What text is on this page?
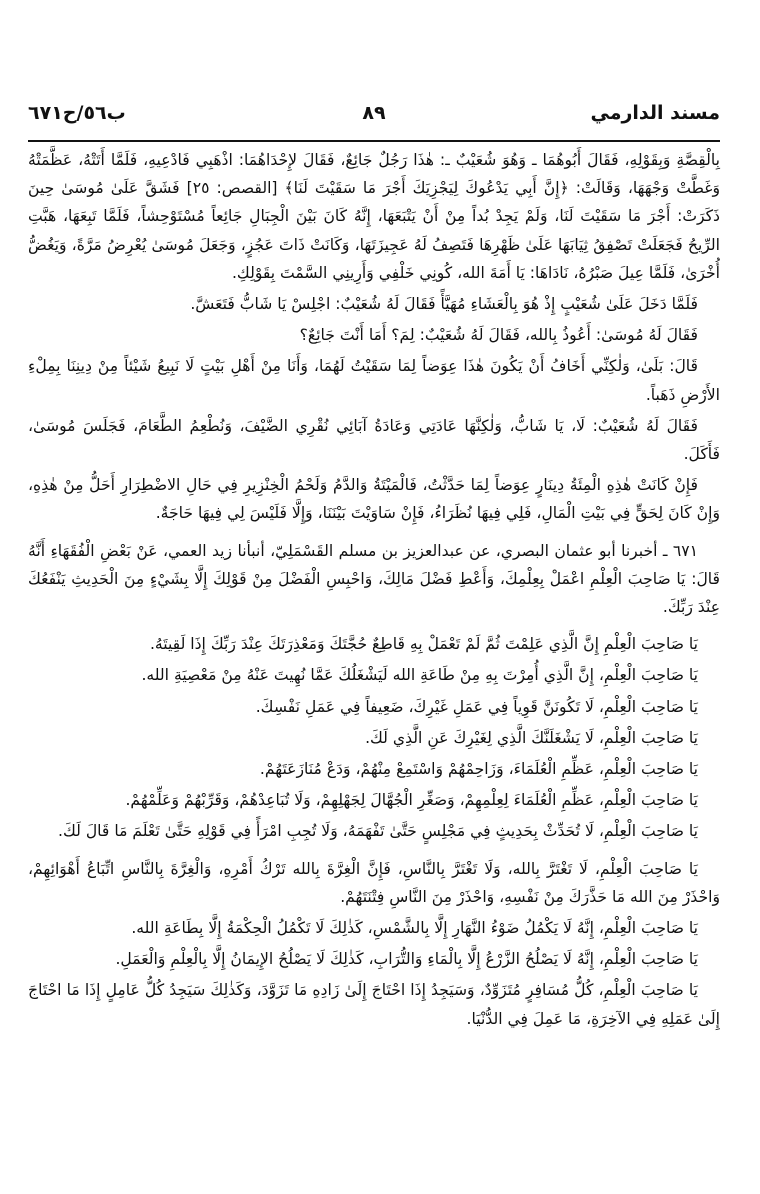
مسند الدارمي
٨٩
ب٥٦/ح٦٧١

بِالْقِصَّةِ وَبِقَوْلِهِ، فَقَالَ أَبُوهُمَا ـ وَهُوَ شُعَيْبٌ ـ: هٰذَا رَجُلٌ جَائِعٌ، فَقَالَ لإِحْدَاهُمَا: اذْهَبِي فَادْعِيهِ، فَلَمَّا أَتَتْهُ، عَظَّمَتْهُ وَغَطَّتْ وَجْهَهَا، وَقَالَتْ: ﴿إِنَّ أَبِي يَدْعُوكَ لِيَجْزِيَكَ أَجْرَ مَا سَقَيْتَ لَنَا﴾ [القصص: ٢٥] فَشَقَّ عَلَىٰ مُوسَىٰ حِينَ ذَكَرَتْ: أَجْرَ مَا سَقَيْتَ لَنَا، وَلَمْ يَجِدْ بُداً مِنْ أَنْ يَتْبَعَهَا، إِنَّهُ كَانَ بَيْنَ الْجِبَالِ جَائِعاً مُسْتَوْحِشاً، فَلَمَّا تَبِعَهَا، هَبَّتِ الرِّيحُ فَجَعَلَتْ تَصْفِقُ ثِيَابَهَا عَلَىٰ ظَهْرِهَا فَتَصِفُ لَهُ عَجِيزَتَهَا، وَكَانَتْ ذَاتَ عَجُزٍ، وَجَعَلَ مُوسَىٰ يُعْرِضُ مَرَّةً، وَيَغُضُّ أُخْرَىٰ، فَلَمَّا عِيلَ صَبْرُهُ، نَادَاهَا: يَا أَمَةَ الله، كُونِي خَلْفِي وَأَرِينِي السَّمْتَ بِقَوْلِكِ.

فَلَمَّا دَخَلَ عَلَىٰ شُعَيْبٍ إِذْ هُوَ بِالْعَشَاءِ مُهَيَّأً فَقَالَ لَهُ شُعَيْبٌ: اجْلِسْ يَا شَابُّ فَتَعَشَّ.

فَقَالَ لَهُ مُوسَىٰ: أَعُوذُ بِالله، فَقَالَ لَهُ شُعَيْبٌ: لِمَ؟ أَمَا أَنْتَ جَائِعٌ؟

قَالَ: بَلَىٰ، وَلٰكِنِّي أَخَافُ أَنْ يَكُونَ هٰذَا عِوَضاً لِمَا سَقَيْتُ لَهُمَا، وَأَنَا مِنْ أَهْلِ بَيْتٍ لَا نَبِيعُ شَيْئاً مِنْ دِينِنَا بِمِلْءِ الأَرْضِ ذَهَباً.

فَقَالَ لَهُ شُعَيْبٌ: لَا، يَا شَابُّ، وَلٰكِنَّهَا عَادَتِي وَعَادَةُ آبَائِي نُقْرِي الضَّيْفَ، وَنُطْعِمُ الطَّعَامَ، فَجَلَسَ مُوسَىٰ، فَأَكَلَ.

فَإِنْ كَانَتْ هٰذِهِ الْمِئَةُ دِينَارٍ عِوَضاً لِمَا حَدَّثْتُ، فَالْمَيْتَةُ وَالدَّمُ وَلَحْمُ الْخِنْزِيرِ فِي حَالِ الاضْطِرَارِ أَحَلُّ مِنْ هٰذِهِ، وَإِنْ كَانَ لِحَقٍّ فِي بَيْتِ الْمَالِ، فَلِي فِيهَا نُظَرَاءُ، فَإِنْ سَاوَيْتَ بَيْنَنَا، وَإِلَّا فَلَيْسَ لِي فِيهَا حَاجَةٌ.

٦٧١ ـ أخبرنا أبو عثمان البصري، عن عبدالعزيز بن مسلم القَسْمَلِيّ، أنبأنا زيد العمي، عَنْ بَعْضِ الْفُقَهَاءِ أَنَّهُ قَالَ: يَا صَاحِبَ الْعِلْمِ اعْمَلْ بِعِلْمِكَ، وَأَعْطِ فَضْلَ مَالِكَ، وَاحْبِسِ الْفَضْلَ مِنْ قَوْلِكَ إِلَّا بِشَيْءٍ مِنَ الْحَدِيثِ يَنْفَعُكَ عِنْدَ رَبِّكَ.

يَا صَاحِبَ الْعِلْمِ إِنَّ الَّذِي عَلِمْتَ ثُمَّ لَمْ تَعْمَلْ بِهِ قَاطِعٌ حُجَّتَكَ وَمَعْذِرَتَكَ عِنْدَ رَبِّكَ إِذَا لَقِيتَهُ.

يَا صَاحِبَ الْعِلْمِ، إِنَّ الَّذِي أُمِرْتَ بِهِ مِنْ طَاعَةِ الله لَيَشْغَلُكَ عَمَّا نُهِيتَ عَنْهُ مِنْ مَعْصِيَةِ الله.

يَا صَاحِبَ الْعِلْمِ، لَا تَكُونَنَّ قَوِياً فِي عَمَلِ غَيْرِكَ، ضَعِيفاً فِي عَمَلِ نَفْسِكَ.

يَا صَاحِبَ الْعِلْمِ، لَا يَشْغَلَنَّكَ الَّذِي لِغَيْرِكَ عَنِ الَّذِي لَكَ.

يَا صَاحِبَ الْعِلْمِ، عَظِّمِ الْعُلَمَاءَ، وَزَاحِمْهُمْ وَاسْتَمِعْ مِنْهُمْ، وَدَعْ مُنَازَعَتَهُمْ.

يَا صَاحِبَ الْعِلْمِ، عَظِّمِ الْعُلَمَاءَ لِعِلْمِهِمْ، وَصَغِّرِ الْجُهَّالَ لِجَهْلِهِمْ، وَلَا تُبَاعِدْهُمْ، وَقَرِّبْهُمْ وَعَلِّمْهُمْ.

يَا صَاحِبَ الْعِلْمِ، لَا تُحَدِّثْ بِحَدِيثٍ فِي مَجْلِسٍ حَتَّىٰ تَفْهَمَهُ، وَلَا تُجِبِ امْرَأً فِي قَوْلِهِ حَتَّىٰ تَعْلَمَ مَا قَالَ لَكَ.

يَا صَاحِبَ الْعِلْمِ، لَا تَغْتَرَّ بِالله، وَلَا تَغْتَرَّ بِالنَّاسِ، فَإِنَّ الْغِرَّةَ بِالله تَرْكُ أَمْرِهِ، وَالْغِرَّةَ بِالنَّاسِ اتِّبَاعُ أَهْوَائِهِمْ، وَاحْذَرْ مِنَ الله مَا حَذَّرَكَ مِنْ نَفْسِهِ، وَاحْذَرْ مِنَ النَّاسِ فِتْنَتَهُمْ.

يَا صَاحِبَ الْعِلْمِ، إِنَّهُ لَا يَكْمُلُ ضَوْءُ النَّهَارِ إِلَّا بِالشَّمْسِ، كَذٰلِكَ لَا تَكْمُلُ الْحِكْمَةُ إِلَّا بِطَاعَةِ الله.

يَا صَاحِبَ الْعِلْمِ، إِنَّهُ لَا يَصْلُحُ الزَّرْعُ إِلَّا بِالْمَاءِ وَالتُّرَابِ، كَذٰلِكَ لَا يَصْلُحُ الإِيمَانُ إِلَّا بِالْعِلْمِ وَالْعَمَلِ.

يَا صَاحِبَ الْعِلْمِ، كُلُّ مُسَافِرٍ مُتَزَوِّدٌ، وَسَيَجِدُ إِذَا احْتَاجَ إِلَىٰ زَادِهِ مَا تَزَوَّدَ، وَكَذٰلِكَ سَيَجِدُ كُلُّ عَامِلٍ إِذَا مَا احْتَاجَ إِلَىٰ عَمَلِهِ فِي الآخِرَةِ، مَا عَمِلَ فِي الدُّنْيَا.
